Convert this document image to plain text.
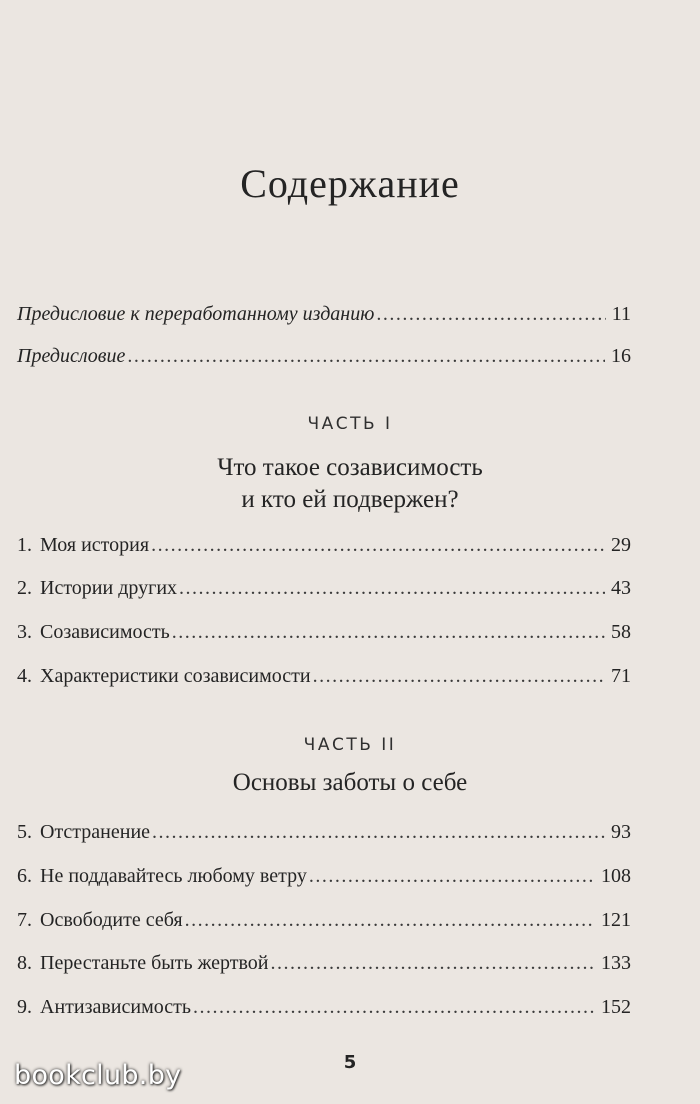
Содержание
Предисловие к переработанному изданию .....	11
Предисловие .....	16
ЧАСТЬ I
Что такое созависимость
и кто ей подвержен?
1. Моя история .....	29
2. Истории других .....	43
3. Созависимость .....	58
4. Характеристики созависимости .....	71
ЧАСТЬ II
Основы заботы о себе
5. Отстранение .....	93
6. Не поддавайтесь любому ветру .....	108
7. Освободите себя .....	121
8. Перестаньте быть жертвой .....	133
9. Антизависимость .....	152
5
bookclub.by
